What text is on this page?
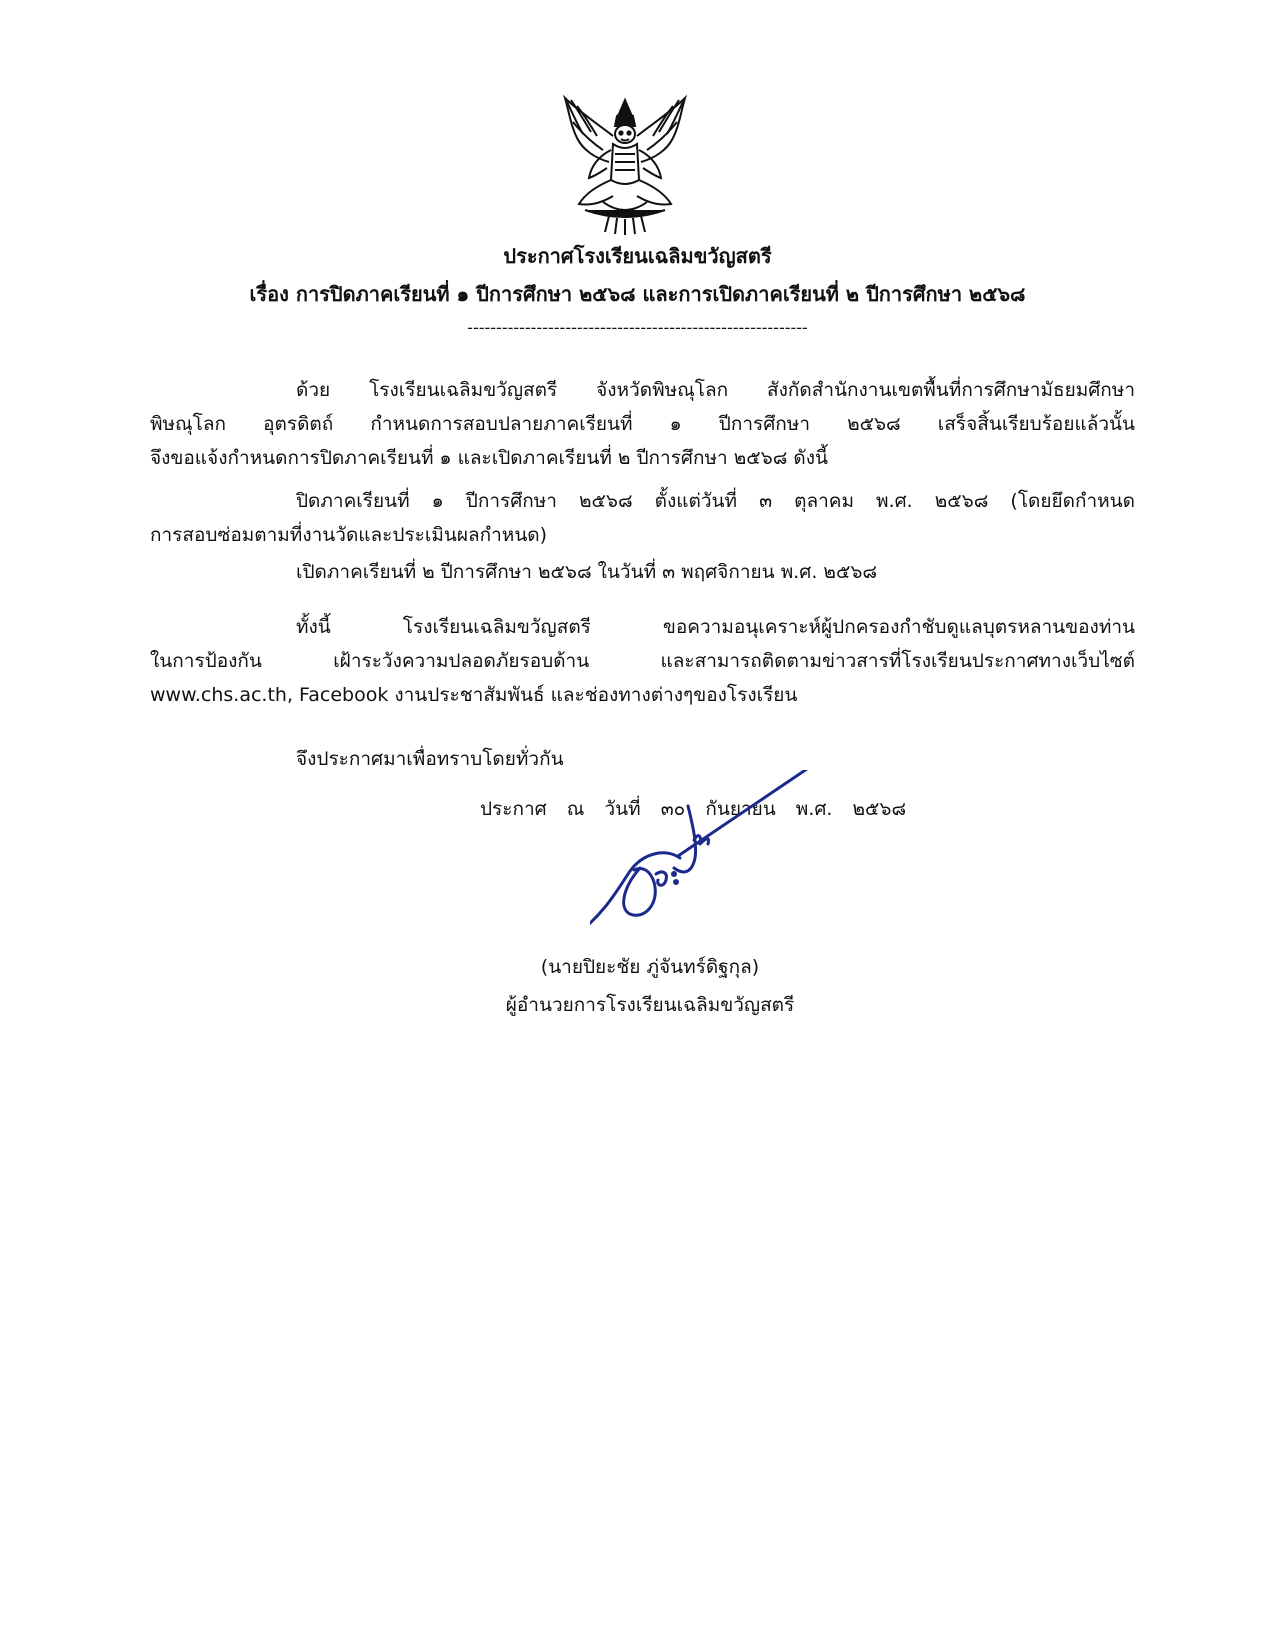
ประกาศโรงเรียนเฉลิมขวัญสตรี
เรื่อง การปิดภาคเรียนที่ ๑ ปีการศึกษา ๒๕๖๘ และการเปิดภาคเรียนที่ ๒ ปีการศึกษา ๒๕๖๘
-----------------------------------------------------------
ด้วย โรงเรียนเฉลิมขวัญสตรี จังหวัดพิษณุโลก สังกัดสำนักงานเขตพื้นที่การศึกษามัธยมศึกษา
พิษณุโลก อุตรดิตถ์ กำหนดการสอบปลายภาคเรียนที่ ๑ ปีการศึกษา ๒๕๖๘ เสร็จสิ้นเรียบร้อยแล้วนั้น
จึงขอแจ้งกำหนดการปิดภาคเรียนที่ ๑ และเปิดภาคเรียนที่ ๒ ปีการศึกษา ๒๕๖๘ ดังนี้
ปิดภาคเรียนที่ ๑ ปีการศึกษา ๒๕๖๘ ตั้งแต่วันที่ ๓ ตุลาคม พ.ศ. ๒๕๖๘ (โดยยึดกำหนด
การสอบซ่อมตามที่งานวัดและประเมินผลกำหนด)
เปิดภาคเรียนที่ ๒ ปีการศึกษา ๒๕๖๘ ในวันที่ ๓ พฤศจิกายน พ.ศ. ๒๕๖๘
ทั้งนี้ โรงเรียนเฉลิมขวัญสตรี ขอความอนุเคราะห์ผู้ปกครองกำชับดูแลบุตรหลานของท่าน
ในการป้องกัน เฝ้าระวังความปลอดภัยรอบด้าน และสามารถติดตามข่าวสารที่โรงเรียนประกาศทางเว็บไซต์
www.chs.ac.th, Facebook งานประชาสัมพันธ์ และช่องทางต่างๆของโรงเรียน
จึงประกาศมาเพื่อทราบโดยทั่วกัน
ประกาศ ณ วันที่ ๓๐ กันยายน พ.ศ. ๒๕๖๘
(นายปิยะชัย ภู่จันทร์ดิฐกุล)
ผู้อำนวยการโรงเรียนเฉลิมขวัญสตรี
